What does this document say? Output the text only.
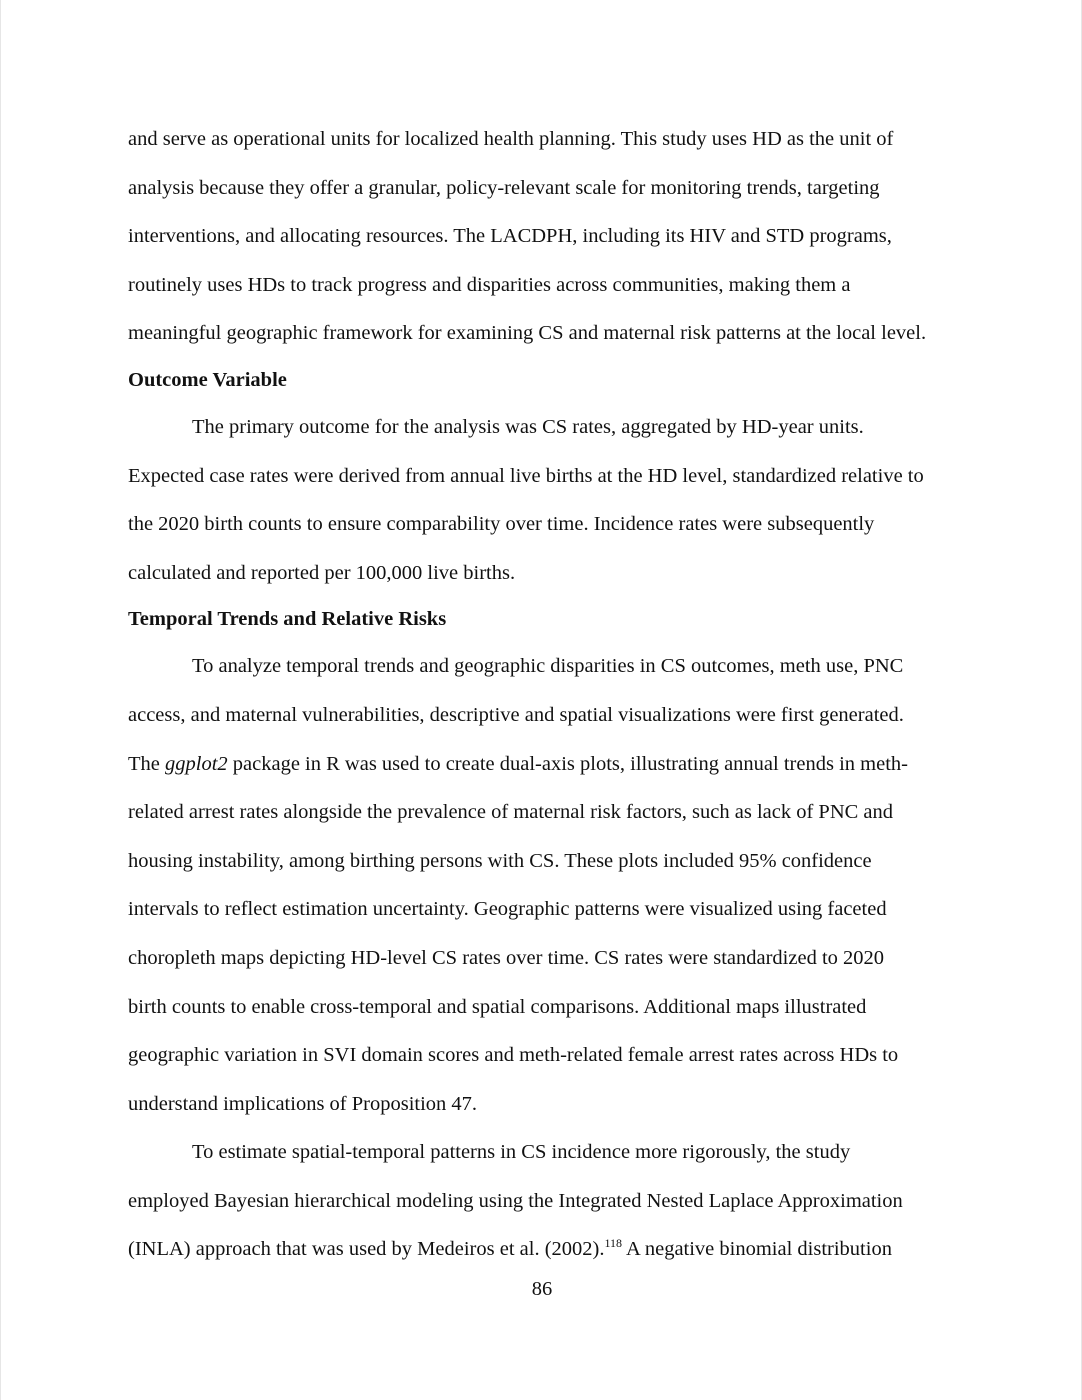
and serve as operational units for localized health planning. This study uses HD as the unit of
analysis because they offer a granular, policy-relevant scale for monitoring trends, targeting
interventions, and allocating resources. The LACDPH, including its HIV and STD programs,
routinely uses HDs to track progress and disparities across communities, making them a
meaningful geographic framework for examining CS and maternal risk patterns at the local level.
Outcome Variable
The primary outcome for the analysis was CS rates, aggregated by HD-year units.
Expected case rates were derived from annual live births at the HD level, standardized relative to
the 2020 birth counts to ensure comparability over time. Incidence rates were subsequently
calculated and reported per 100,000 live births.
Temporal Trends and Relative Risks
To analyze temporal trends and geographic disparities in CS outcomes, meth use, PNC
access, and maternal vulnerabilities, descriptive and spatial visualizations were first generated.
The ggplot2 package in R was used to create dual-axis plots, illustrating annual trends in meth-
related arrest rates alongside the prevalence of maternal risk factors, such as lack of PNC and
housing instability, among birthing persons with CS. These plots included 95% confidence
intervals to reflect estimation uncertainty. Geographic patterns were visualized using faceted
choropleth maps depicting HD-level CS rates over time. CS rates were standardized to 2020
birth counts to enable cross-temporal and spatial comparisons. Additional maps illustrated
geographic variation in SVI domain scores and meth-related female arrest rates across HDs to
understand implications of Proposition 47.
To estimate spatial-temporal patterns in CS incidence more rigorously, the study
employed Bayesian hierarchical modeling using the Integrated Nested Laplace Approximation
(INLA) approach that was used by Medeiros et al. (2002).$^{118}$ A negative binomial distribution
86
